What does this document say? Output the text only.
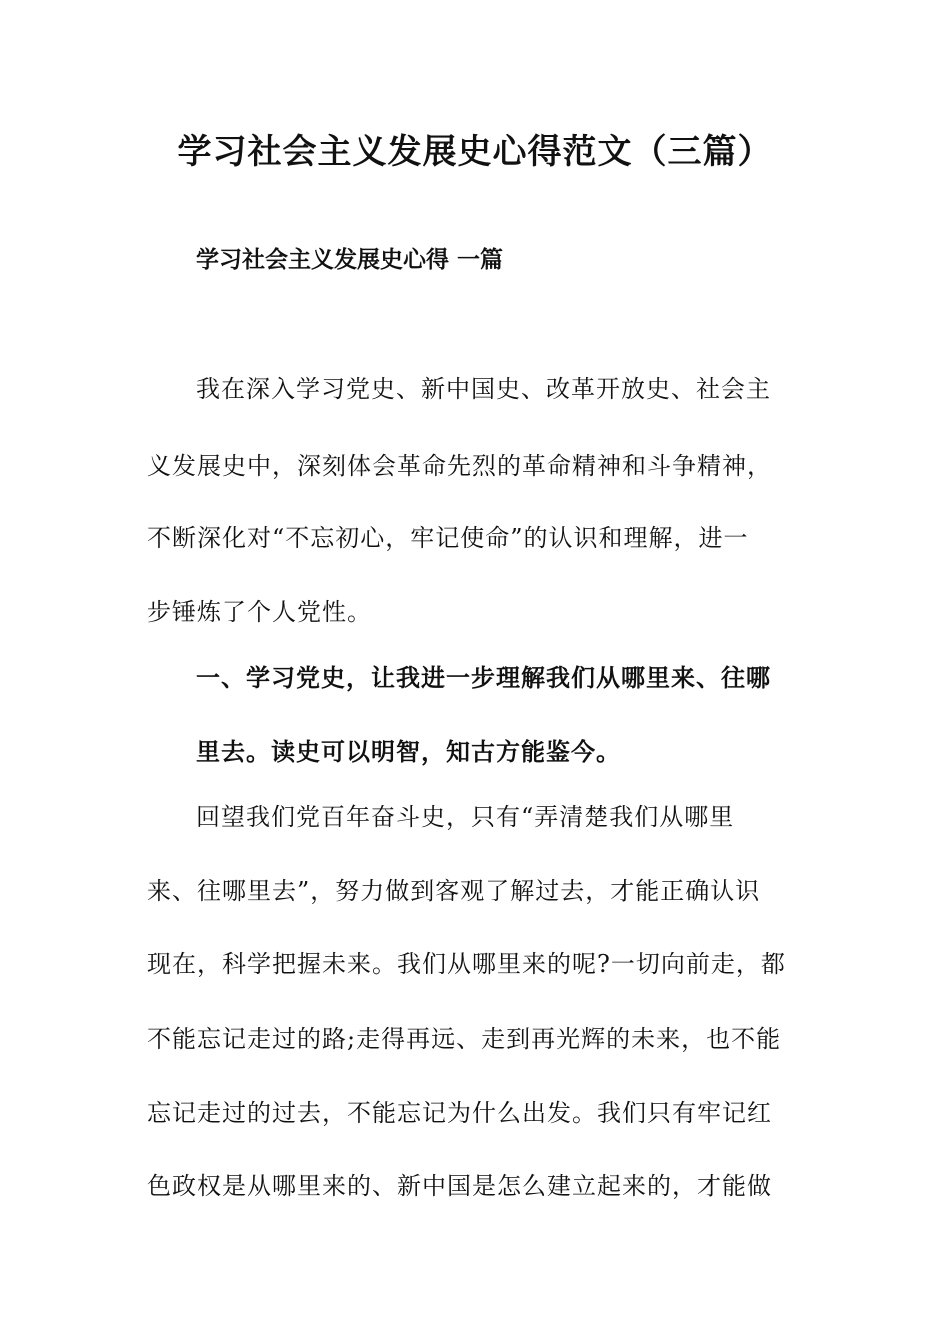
学习社会主义发展史心得范文（三篇）
学习社会主义发展史心得 一篇
我在深入学习党史、新中国史、改革开放史、社会主
义发展史中，深刻体会革命先烈的革命精神和斗争精神，
不断深化对“不忘初心，牢记使命”的认识和理解，进一
步锤炼了个人党性。
一、学习党史，让我进一步理解我们从哪里来、往哪
里去。读史可以明智，知古方能鉴今。
回望我们党百年奋斗史，只有“弄清楚我们从哪里
来、往哪里去”，努力做到客观了解过去，才能正确认识
现在，科学把握未来。我们从哪里来的呢?一切向前走，都
不能忘记走过的路;走得再远、走到再光辉的未来，也不能
忘记走过的过去，不能忘记为什么出发。我们只有牢记红
色政权是从哪里来的、新中国是怎么建立起来的，才能做
